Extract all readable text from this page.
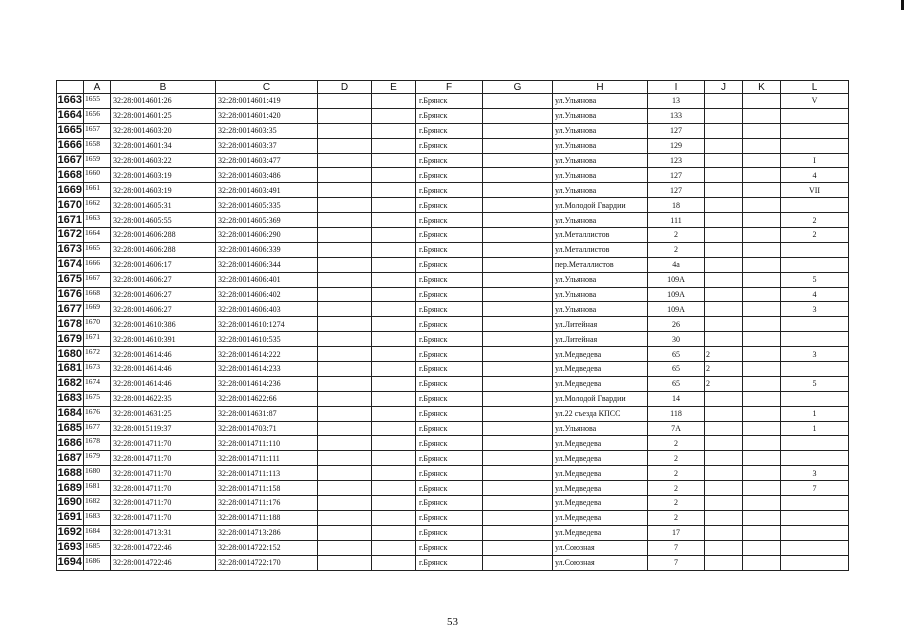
	A	B	C	D	E	F	G	H	I	J	K	L
1663	1655	32:28:0014601:26	32:28:0014601:419			г.Брянск		ул.Ульянова	13			V
1664	1656	32:28:0014601:25	32:28:0014601:420			г.Брянск		ул.Ульянова	133			
1665	1657	32:28:0014603:20	32:28:0014603:35			г.Брянск		ул.Ульянова	127			
1666	1658	32:28:0014601:34	32:28:0014603:37			г.Брянск		ул.Ульянова	129			
1667	1659	32:28:0014603:22	32:28:0014603:477			г.Брянск		ул.Ульянова	123			I
1668	1660	32:28:0014603:19	32:28:0014603:486			г.Брянск		ул.Ульянова	127			4
1669	1661	32:28:0014603:19	32:28:0014603:491			г.Брянск		ул.Ульянова	127			VII
1670	1662	32:28:0014605:31	32:28:0014605:335			г.Брянск		ул.Молодой Гвардии	18			
1671	1663	32:28:0014605:55	32:28:0014605:369			г.Брянск		ул.Ульянова	111			2
1672	1664	32:28:0014606:288	32:28:0014606:290			г.Брянск		ул.Металлистов	2			2
1673	1665	32:28:0014606:288	32:28:0014606:339			г.Брянск		ул.Металлистов	2			
1674	1666	32:28:0014606:17	32:28:0014606:344			г.Брянск		пер.Металлистов	4а			
1675	1667	32:28:0014606:27	32:28:0014606:401			г.Брянск		ул.Ульянова	109А			5
1676	1668	32:28:0014606:27	32:28:0014606:402			г.Брянск		ул.Ульянова	109А			4
1677	1669	32:28:0014606:27	32:28:0014606:403			г.Брянск		ул.Ульянова	109А			3
1678	1670	32:28:0014610:386	32:28:0014610:1274			г.Брянск		ул.Литейная	26			
1679	1671	32:28:0014610:391	32:28:0014610:535			г.Брянск		ул.Литейная	30			
1680	1672	32:28:0014614:46	32:28:0014614:222			г.Брянск		ул.Медведева	65	2		3
1681	1673	32:28:0014614:46	32:28:0014614:233			г.Брянск		ул.Медведева	65	2		
1682	1674	32:28:0014614:46	32:28:0014614:236			г.Брянск		ул.Медведева	65	2		5
1683	1675	32:28:0014622:35	32:28:0014622:66			г.Брянск		ул.Молодой Гвардии	14			
1684	1676	32:28:0014631:25	32:28:0014631:87			г.Брянск		ул.22 съезда КПСС	118			1
1685	1677	32:28:0015119:37	32:28:0014703:71			г.Брянск		ул.Ульянова	7А			1
1686	1678	32:28:0014711:70	32:28:0014711:110			г.Брянск		ул.Медведева	2			
1687	1679	32:28:0014711:70	32:28:0014711:111			г.Брянск		ул.Медведева	2			
1688	1680	32:28:0014711:70	32:28:0014711:113			г.Брянск		ул.Медведева	2			3
1689	1681	32:28:0014711:70	32:28:0014711:158			г.Брянск		ул.Медведева	2			7
1690	1682	32:28:0014711:70	32:28:0014711:176			г.Брянск		ул.Медведева	2			
1691	1683	32:28:0014711:70	32:28:0014711:188			г.Брянск		ул.Медведева	2			
1692	1684	32:28:0014713:31	32:28:0014713:286			г.Брянск		ул.Медведева	17			
1693	1685	32:28:0014722:46	32:28:0014722:152			г.Брянск		ул.Союзная	7			
1694	1686	32:28:0014722:46	32:28:0014722:170			г.Брянск		ул.Союзная	7			
53
